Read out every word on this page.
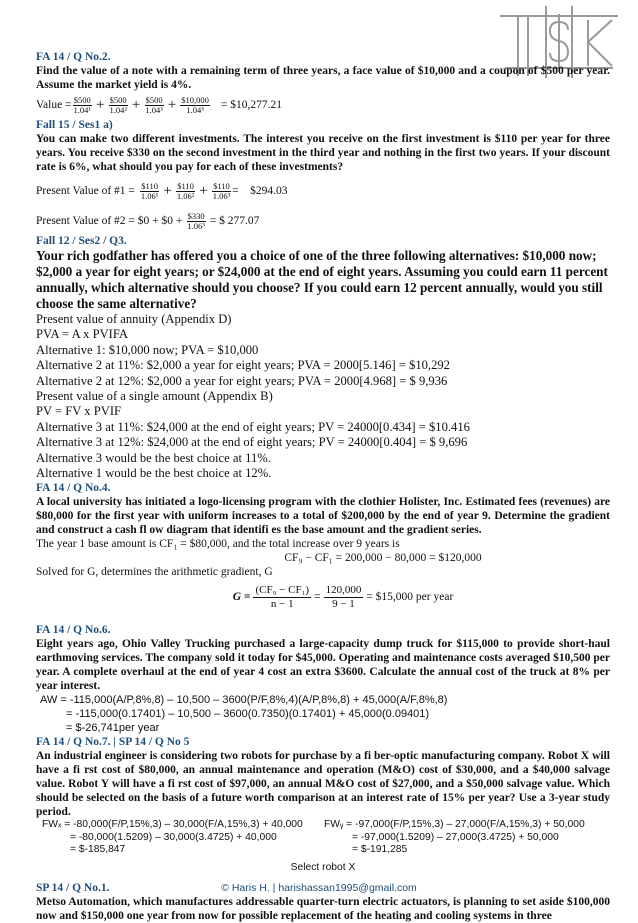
FA 14 / Q No.2.
Find the value of a note with a remaining term of three years, a face value of $10,000 and a coupon of $500 per year. Assume the market yield is 4%.
Value = $\frac{\$500}{\text{1.04¹}} + \frac{\$500}{\text{1.04²}} + \frac{\$500}{\text{1.04³}} + \frac{\$10,000}{\text{1.04³}}$ = $10,277.21
Fall 15 / Ses1 a)
You can make two different investments. The interest you receive on the first investment is $110 per year for three years. You receive $330 on the second investment in the third year and nothing in the first two years. If your discount rate is 6%, what should you pay for each of these investments?
Present Value of #1 = $\frac{\$110}{\text{1.06¹}} + \frac{\$110}{\text{1.06²}} + \frac{\$110}{\text{1.06³}}$ =    $294.03
Present Value of #2 = $0 + $0 + $\frac{\$330}{\text{1.06³}}$ = $ 277.07
Fall 12 / Ses2 / Q3.
Your rich godfather has offered you a choice of one of the three following alternatives: $10,000 now; $2,000 a year for eight years; or $24,000 at the end of eight years. Assuming you could earn 11 percent annually, which alternative should you choose? If you could earn 12 percent annually, would you still choose the same alternative?
Present value of annuity (Appendix D)
PVA = A x PVIFA
Alternative 1: $10,000 now; PVA = $10,000
Alternative 2 at 11%: $2,000 a year for eight years; PVA = 2000[5.146] = $10,292
Alternative 2 at 12%: $2,000 a year for eight years; PVA = 2000[4.968] = $ 9,936
Present value of a single amount (Appendix B)
PV = FV x PVIF
Alternative 3 at 11%: $24,000 at the end of eight years; PV = 24000[0.434] = $10.416
Alternative 3 at 12%: $24,000 at the end of eight years; PV = 24000[0.404] = $ 9,696
Alternative 3 would be the best choice at 11%.
Alternative 1 would be the best choice at 12%.
FA 14 / Q No.4.
A local university has initiated a logo-licensing program with the clothier Holister, Inc. Estimated fees (revenues) are $80,000 for the first year with uniform increases to a total of $200,000 by the end of year 9. Determine the gradient and construct a cash fl ow diagram that identifi es the base amount and the gradient series.
The year 1 base amount is CF₁ = $80,000, and the total increase over 9 years is
CF₉ − CF₁ = 200,000 − 80,000 = $120,000
Solved for G, determines the arithmetic gradient, G
$G = \frac{\text{(CF₉ − CF₁)}}{n - 1} = \frac{120,000}{9 - 1}$ = $15,000 per year
FA 14 / Q No.6.
Eight years ago, Ohio Valley Trucking purchased a large-capacity dump truck for $115,000 to provide short-haul earthmoving services. The company sold it today for $45,000. Operating and maintenance costs averaged $10,500 per year. A complete overhaul at the end of year 4 cost an extra $3600. Calculate the annual cost of the truck at 8% per year interest.
AW = -115,000(A/P,8%,8) – 10,500 – 3600(P/F,8%,4)(A/P,8%,8) + 45,000(A/F,8%,8)
= -115,000(0.17401) – 10,500 – 3600(0.7350)(0.17401) + 45,000(0.09401)
= $-26,741per year
FA 14 / Q No.7. | SP 14 / Q No 5
An industrial engineer is considering two robots for purchase by a fi ber-optic manufacturing company. Robot X will have a fi rst cost of $80,000, an annual maintenance and operation (M&O) cost of $30,000, and a $40,000 salvage value. Robot Y will have a fi rst cost of $97,000, an annual M&O cost of $27,000, and a $50,000 salvage value. Which should be selected on the basis of a future worth comparison at an interest rate of 15% per year? Use a 3-year study period.
FWₓ = -80,000(F/P,15%,3) – 30,000(F/A,15%,3) + 40,000
= -80,000(1.5209) – 30,000(3.4725) + 40,000
= $-185,847
FWᵧ = -97,000(F/P,15%,3) – 27,000(F/A,15%,3) + 50,000
= -97,000(1.5209) – 27,000(3.4725) + 50,000
= $-191,285
Select robot X
SP 14 / Q No.1.
Metso Automation, which manufactures addressable quarter-turn electric actuators, is planning to set aside $100,000 now and $150,000 one year from now for possible replacement of the heating and cooling systems in three
© Haris H. | harishassan1995@gmail.com
